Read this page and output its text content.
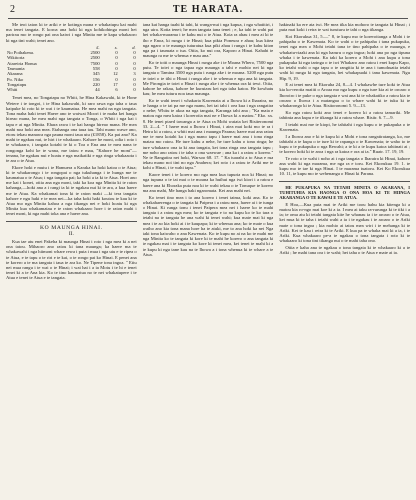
2	TE HARATA.

Me teoi taton ki te ariki e te kotinga mana e whakatupu kai mahi ma tenei tangata. E koroa ana hoki ki nga kohikohinga moni hei parirau mo te rongo pai ona kaiwi i nga Minita me te kapa whakaoro ki nga tini wahi; tenei ano.

	£.	s.	d.
No Poihakena.	2500	0	0
Wikitoria	2500	0	0
Atareiria Honua	7500	0	0
Tasmania	558	0	0
Akarana	345	12	3
Po. Niko	156	0	0
Tongatapu	220	17	0
Whiti	44	6	0

Tenei mea, no Tongatapu no Whiti, he Hina Kakawahi, ki te Hone Wetere i te tongoi, i te Hina kakawahi, ki raro rawa nga taha o taua kaipuke ki roto ki te wai i te kaumatua. He mea mahi na nga tangata. Tona maha haki tenei Haere ano te waiwai Moori i te maha kei hanga hireao mana, he mea mahi nga tangata o Tonga, o Whiti i nga kai i tapu e ai nga Minita. Ehara rawa i te kai hanga hireao mana. He mea mahi noa hoki ana mea. Etahanga ona taua tau. Tahi mano wawe ano, etoru tekau manawa nga pauna moni taua utu (£1858). Ka pai ano? Ka mahi te ngakau nui, te hiri i te whakaaro. Kahore he moni, odia i roto i te whakaaro, i tangata kotahi te ki o Toa o Ena ana te mea nana te rongonga kohi ke te wana, me tatou e mau, "Kahore he moni"—tenana, he ngakau nui e hoatu e nga maikatiki e nga ringa whakaaota i te ara o te Atua.

Ekore hoki e mutu i te Hamuera a Karaka ka hoki katoa o te Atua; ki te whakarongo i te rongopai o nga tukuhanga i te hunga me te kaumatua o te Atua; i nga tangata pai; ka hoki a ia ki te Atua. Hoei ano me kai i konei, otiia ana nga moni, taki ka koa nga Minita ki te raton kahanga,—hoki ana a i rangi ia ki te ngakau nui ki te ara, a kua haere me te Atua. Ka whakamai tona ki te raton maki —ki tera tangata kahore e ngu haki e te mea nei—ka taha koki haki koutou te kau ki te Atua mo nga Minita kahoa a nga tikanga nei e hoki hoatu ki nga Minita kua whakamatau e te raton whakaaro hore i te raton mahi i tenei moni, ki nga mahi toka ana e haere ana.

KO MAUNGA HINAI.
II.

Kua tae atu enei Pakeha ki maunga Hinai i roto i nga mea ki a nei ona tatou. Mihaoro ano ratou ki tana maunga; ka haere ma te whakawahi i nga hiimoni whare rewa i puta i mua i nga utu e te ripea o te Atua, e te tapu o te riri e te kai, o te rongo pai ko Hinai. E penei ana te korero a te ma tangata i taua te ara ko. Ne Tipene tona ingoa. " Etiu nei mua rangu i te wai o te Hinai; i wai hai i a ia Motu i te hi e tenei tenei ki a te Ana kia. Ko te tino kaumatua no te nei whakatupere i te Atua e tenei te Atua e te tangata.

tana kai hanga tuahi ki tahi, ki wanga-nui i nga kapua, i nga whatitiri, i nga uira. Kotia tenei; he mea tangata tana tenei ; e, ka tahi te wahi pai hei whaka-marama i te kahu nui o te Atua. Koia ra ahau i mea ai ki te iho e Enoa, ki runga i te Hinai; kua pikia Poneura e ahau; kua kitea nga ngaro o te maunga tuturatua kua piki ahau i runga i te kahu kiton nga pa i taumata o tua. Otiia, ko nui ora, Kaporo a Hinai. Kahahi te maunga ra me te whenua e mau ana."

Ko te toiti o maunga Hinai i runga ake i te Moana Whero, 7500 nga putu. Te toiei o nga tapaa nga maunga a tahi e mohio nei ki nga tangata o Tamina 3500 nga putu i runga ake i te moana. 5200 nga putu te toiei o te tihi o Hinai i runga ake i te whenua e ngu ana ki tangata. Me Pirongia te toiei o Hinai i runga ake i te whenua ora ki tewi. Otiia, kahore he rakau, kahore he kurutaru kei nga taha katoa. He kowhatu kau; he mea tuturu noa taua maunga.

Ko te wahi tenei i whakaria Kawenata ai a Ihowa ki a Iharaira, no te hanga o te tai pa me nga manu, hei tai tahi i oea kua i nga rangatira o nehe; Whitu te akoa na nga tangata, Karanga tahi ana ; "Ka maia e matou nga mea katoa i korerotia mai ne e Ihowa ki a matou." Eko. xx. 8. He tenei ptaed tawanga a te Atua ra Mohi waiata kei Risiteronomi 33. 2—4. " I haere mai a Ihowa i Hinai, i aiea mai koki mo te ra i Heira ki a ratou, a whiti mai ana i maunga Parana; haere mai ana ratou me te mea kotahi ka i nga mano tapu i haere mai ana i tona ringa matau mo ratou. He ture kahu a nehe, he ture kahu o tona ringa; he ture whakaaro ona ia ki ana tangata, kei tona ringa ona tangata tapu ; me noho ano ratou i te taha o ona waewae ; ana ka i a ratou o korero." Ne te Rangatira nei hoki, Warsoo 68. 17. " Ka tuarahi a to Atua e rua tekau mano noi tini no nga Anahera; kei roto i a ratou te Ariki me te kohi o Hinai, i te wahi tapu."

Kaore tenei i te korero mo nga mea kua tupuria noa ki Hinai; no nga tupuna o te tai mai o te moana ka huihui nga iwi kiori i a ratou e haere ana ki Ehoraka puta noa ki te wahi tekau o te Tonuque te korero ma ana mahi, Me hanga haki ngaromata. Kei ana mahi nei.

Ko tenei tino mea i to ana korero i tenei taima, koki ana. Ko te whakahaerenga o te tangata ki Paipera i a ratou mea, haere ai i te tunga o Hinai. Ki runga tonu i tenei Paipera mea nei i haere ko te mahi tangata i a ratou nga mea; ko te tangata e to na kupu ko te ko tara o tetahi na te tangata he ana wahi ki tenei wahi; kua mate mai ki nga mea i te ao kia hoki ai i te kaupapa; ki te whenua ana; ko te mate o kua waiho ano kia tona mana hore ha te atuki, me to ana hoki ka nei Nga taki tona kaiwaho o ana Kawenata. Ko te kupu no ai na ko te mahi me nga Minita ko te tangata ki kore ki te mahi he korero o ana tangata ki te ngakau mai i te tangata ko kore ki tenei mea, kei tenei te mahi ki a te kupu ki nga tane kau na te Ihowa a i tona whenua ki te whare a te Atua.

hakinaki ka ere ata iwi. He mea tika kia mohoro te tangata ki Hinai ; i puta mai koki i reira te wai turuturu te tahi o nga tikanga.

Koi Ekorukua 31, 5.—" 8, te kupu mo te koreroitanga a Mohi i te pahipaha o te Kawenata. Ko te wahi o te pahipaha i tana pukapuka, tenei nga mea o Mohi tetahi tana te tino pahipaha o te maunga, e whakatu-riaaki ana ki nga haruru o nga ingoa; hoki ana po nga tipuna whaka i te kawenata. Ka taki ka korero a Mohi i ana kupu a tona pukapuka ki nga taringa o te iwi Whakaro ano ratou i enei kupu Kapo, ko tetahi wahi o nga tapu o te rangitia ki te ana i tumohuatia tetahi wahi ki runga ki nga tangata, hei whakapuaki i tana kawenata. Ngu Hip. 9, 19.

E ai tenei mea ki Ekoruha 24, 8—4. I whakawhe ture koki te Atua kia ko-rerotia maiiti o Aroaa mo nga kupu o nga ture kia ai te oroaro o Ihoroiro i te puke o nga tangata e wai ana ki te whakatiko a ratou kia te oroaro o Ihowa i a matangaa o to whare wahi ki te tuku ki te whakarongo ki te Atua. Risitoronomi 5. 9—13.

Ko nga ratou koki ano tenei e korero ki a ratou tamariki. Me tahitnta ana kupu e te tikanga ki a ratou whare. Risitr. 6. 7—9.

I tetahi mai me te kiopi, he tahitahi i nga kupu o te pukapuka o te Kawenata.

I a Ihowa ano e ki te kupu ki a Mohi e tona rangatiratanga, ko, me tahitahi a te kupu o te ture ki te rapanga o te Kawenata; te waho to te kupu o te pukapuka o nga Rewahi; a te ki a te kupu katoa tahiinati ai ; te korero hoki ki te aroa i nga ra katoa e ora ai ia." Ruatr. 17. 19, 19.

Te roto o te wahi i noho ai i nga tangata o Iharaira ki Hinai, kahore ana wahi ki nga marama, me nga ra e toru. Kei Ekorukua 19. 1. te kupu mo te tae ki nga Hinai. I te marama tuatoru. Kei Ko Ekorukua 10. 11, te kupu mo te wehenanga o Hinai ki Parana.

HE PUKAPUKA NA TETAHI MINITA O AKARANA, I TUHITUHIA KIA HAONGA O ONA HOA KI TE HIINGA AKARANGA O TE KAWAI E TE ATUA.

E Hoa,—Kua puta mai te Ariki me toou hahu kia kitenga ki a matou kia ro-ngo mai koe ki a ia. I mea ai taku ra-rurunga ki te tiki i a ia; te oma atu ki tetahi tangata kite he whanau ia i te aroaro o te Atua, kei mua ki te taha i tetahi wahi a ia i te ngakau i te aroaro o te Ariki mate o tona ingoa ; kia mohio ai tatou mea wiri i te mehanga ki te Ariki. Kei te kau i reira ki te Ariki. E kua pa te whaka mai ki a ia, i te Ariki. Kua whakaaro pe-a te ngakau o tona tangata i roto ki te whakaaro ki tona tini tikanga nui o te mahi taha ono.

Otiia e kaha ana te ngakau o tona tangata ki te whakaaro ki a te Ariki ; he mahi tana ora i te wahi; hei taha o te Atua e mate ai ia.
